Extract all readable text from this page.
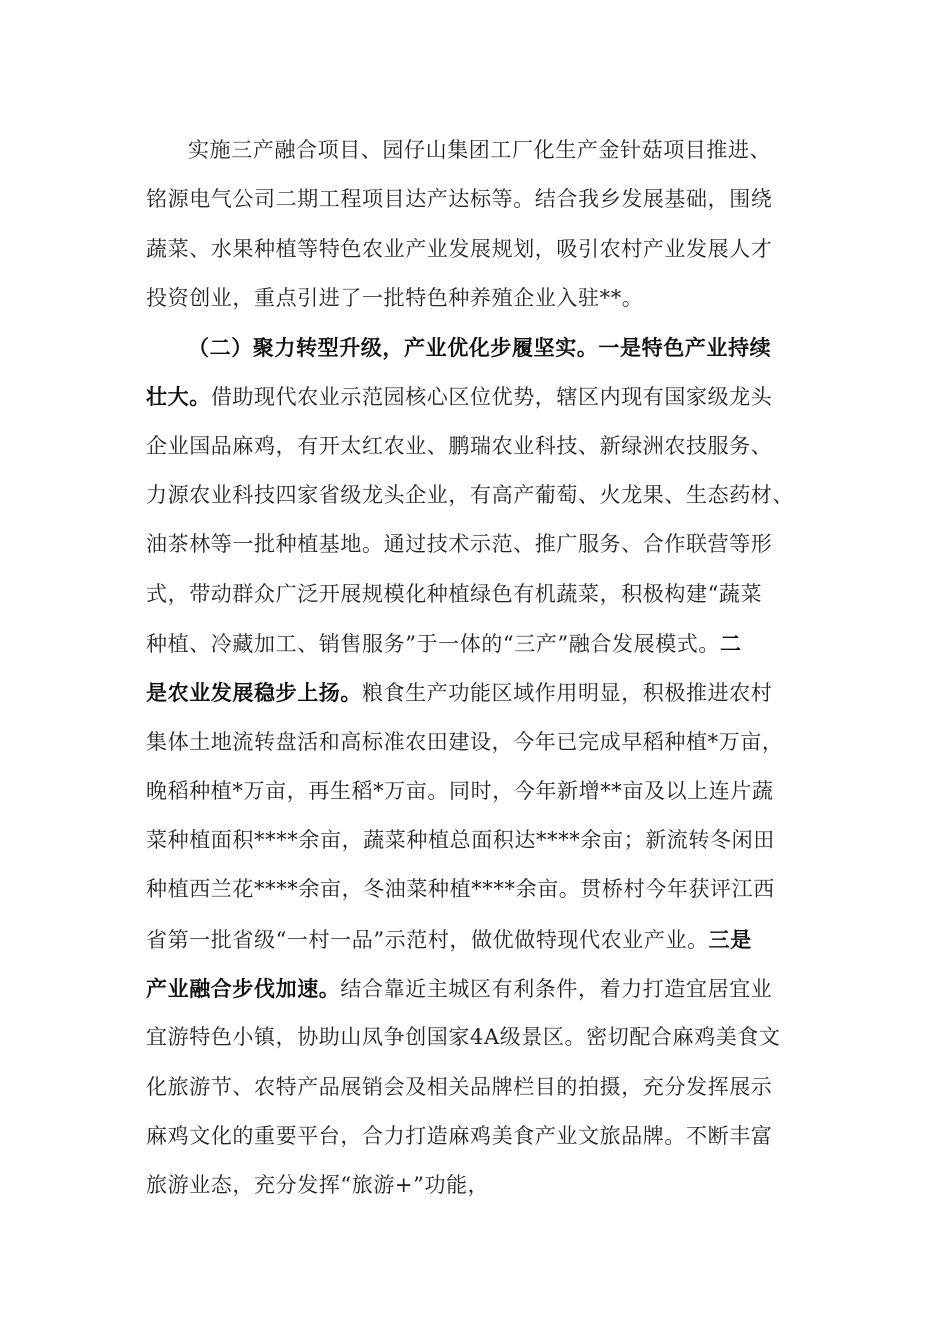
实施三产融合项目、园仔山集团工厂化生产金针菇项目推进、
铭源电气公司二期工程项目达产达标等。结合我乡发展基础，围绕
蔬菜、水果种植等特色农业产业发展规划，吸引农村产业发展人才
投资创业，重点引进了一批特色种养殖企业入驻**。
（二）聚力转型升级，产业优化步履坚实。一是特色产业持续
壮大。借助现代农业示范园核心区位优势，辖区内现有国家级龙头
企业国品麻鸡，有开太红农业、鹏瑞农业科技、新绿洲农技服务、
力源农业科技四家省级龙头企业，有高产葡萄、火龙果、生态药材、
油茶林等一批种植基地。通过技术示范、推广服务、合作联营等形
式，带动群众广泛开展规模化种植绿色有机蔬菜，积极构建“蔬菜
种植、冷藏加工、销售服务”于一体的“三产”融合发展模式。二
是农业发展稳步上扬。粮食生产功能区域作用明显，积极推进农村
集体土地流转盘活和高标准农田建设，今年已完成早稻种植*万亩，
晚稻种植*万亩，再生稻*万亩。同时，今年新增**亩及以上连片蔬
菜种植面积****余亩，蔬菜种植总面积达****余亩；新流转冬闲田
种植西兰花****余亩，冬油菜种植****余亩。贯桥村今年获评江西
省第一批省级“一村一品”示范村，做优做特现代农业产业。三是
产业融合步伐加速。结合靠近主城区有利条件，着力打造宜居宜业
宜游特色小镇，协助山凤争创国家4A级景区。密切配合麻鸡美食文
化旅游节、农特产品展销会及相关品牌栏目的拍摄，充分发挥展示
麻鸡文化的重要平台，合力打造麻鸡美食产业文旅品牌。不断丰富
旅游业态，充分发挥“旅游+”功能，
